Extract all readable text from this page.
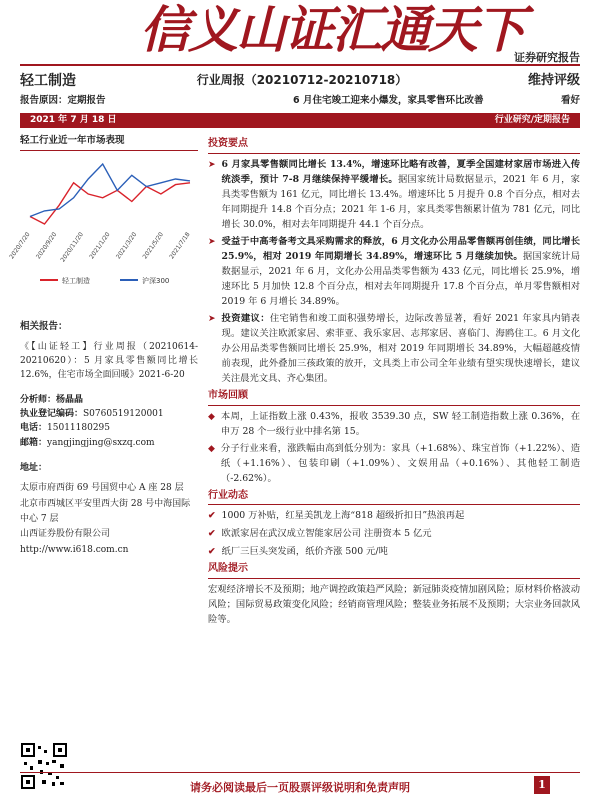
信义山证汇通天下
证券研究报告
轻工制造	行业周报（20210712-20210718）	维持评级
报告原因：定期报告	6 月住宅竣工迎来小爆发，家具零售环比改善	看好
2021 年 7 月 18 日	行业研究/定期报告
轻工行业近一年市场表现
2020/7/20 2020/9/20 2020/11/20 2021/1/20 2021/3/20 2021/5/20 2021/7/18
轻工制造	沪深300
相关报告：
《【山证轻工】行业周报（20210614-20210620）：5 月家具零售额同比增长 12.6%，住宅市场全面回暖》2021-6-20
分析师：杨晶晶
执业登记编码：S0760519120001
电话：15011180295
邮箱：yangjingjing@sxzq.com
地址：
太原市府西街 69 号国贸中心 A 座 28 层
北京市西城区平安里西大街 28 号中海国际中心 7 层
山西证券股份有限公司
http://www.i618.com.cn
投资要点
➤ 6 月家具零售额同比增长 13.4%，增速环比略有改善，夏季全国建材家居市场进入传统淡季，预计 7-8 月继续保持平缓增长。据国家统计局数据显示，2021 年 6 月，家具类零售额为 161 亿元，同比增长 13.4%。增速环比 5 月提升 0.8 个百分点，相对去年同期提升 14.8 个百分点；2021 年 1-6 月，家具类零售额累计值为 781 亿元，同比增长 30.0%，相对去年同期提升 44.1 个百分点。
➤ 受益于中高考备考文具采购需求的释放，6 月文化办公用品零售额再创佳绩，同比增长 25.9%，相对 2019 年同期增长 34.89%，增速环比 5 月继续加快。据国家统计局数据显示，2021 年 6 月，文化办公用品类零售额为 433 亿元，同比增长 25.9%，增速环比 5 月加快 12.8 个百分点，相对去年同期提升 17.8 个百分点，单月零售额相对 2019 年 6 月增长 34.89%。
➤ 投资建议：住宅销售和竣工面积强势增长，边际改善显著，看好 2021 年家具内销表现。建议关注欧派家居、索菲亚、我乐家居、志邦家居、喜临门、海鸥住工。6 月文化办公用品类零售额同比增长 25.9%，相对 2019 年同期增长 34.89%，大幅超越疫情前表现，此外叠加三孩政策的放开，文具类上市公司全年业绩有望实现快速增长，建议关注晨光文具、齐心集团。
市场回顾
◆ 本周，上证指数上涨 0.43%，报收 3539.30 点，SW 轻工制造指数上涨 0.36%，在申万 28 个一级行业中排名第 15。
◆ 分子行业来看，涨跌幅由高到低分别为：家具（+1.68%）、珠宝首饰（+1.22%）、造纸（+1.16%）、包装印刷（+1.09%）、文娱用品（+0.16%）、其他轻工制造（-2.62%）。
行业动态
✔ 1000 万补贴，红星美凯龙上海“818 超级折扣日”热浪再起
✔ 欧派家居在武汉成立智能家居公司 注册资本 5 亿元
✔ 纸厂三巨头突发函，纸价齐涨 500 元/吨
风险提示
宏观经济增长不及预期；地产调控政策趋严风险；新冠肺炎疫情加剧风险；原材料价格波动风险；国际贸易政策变化风险；经销商管理风险；整装业务拓展不及预期；大宗业务回款风险等。
请务必阅读最后一页股票评级说明和免责声明	1
